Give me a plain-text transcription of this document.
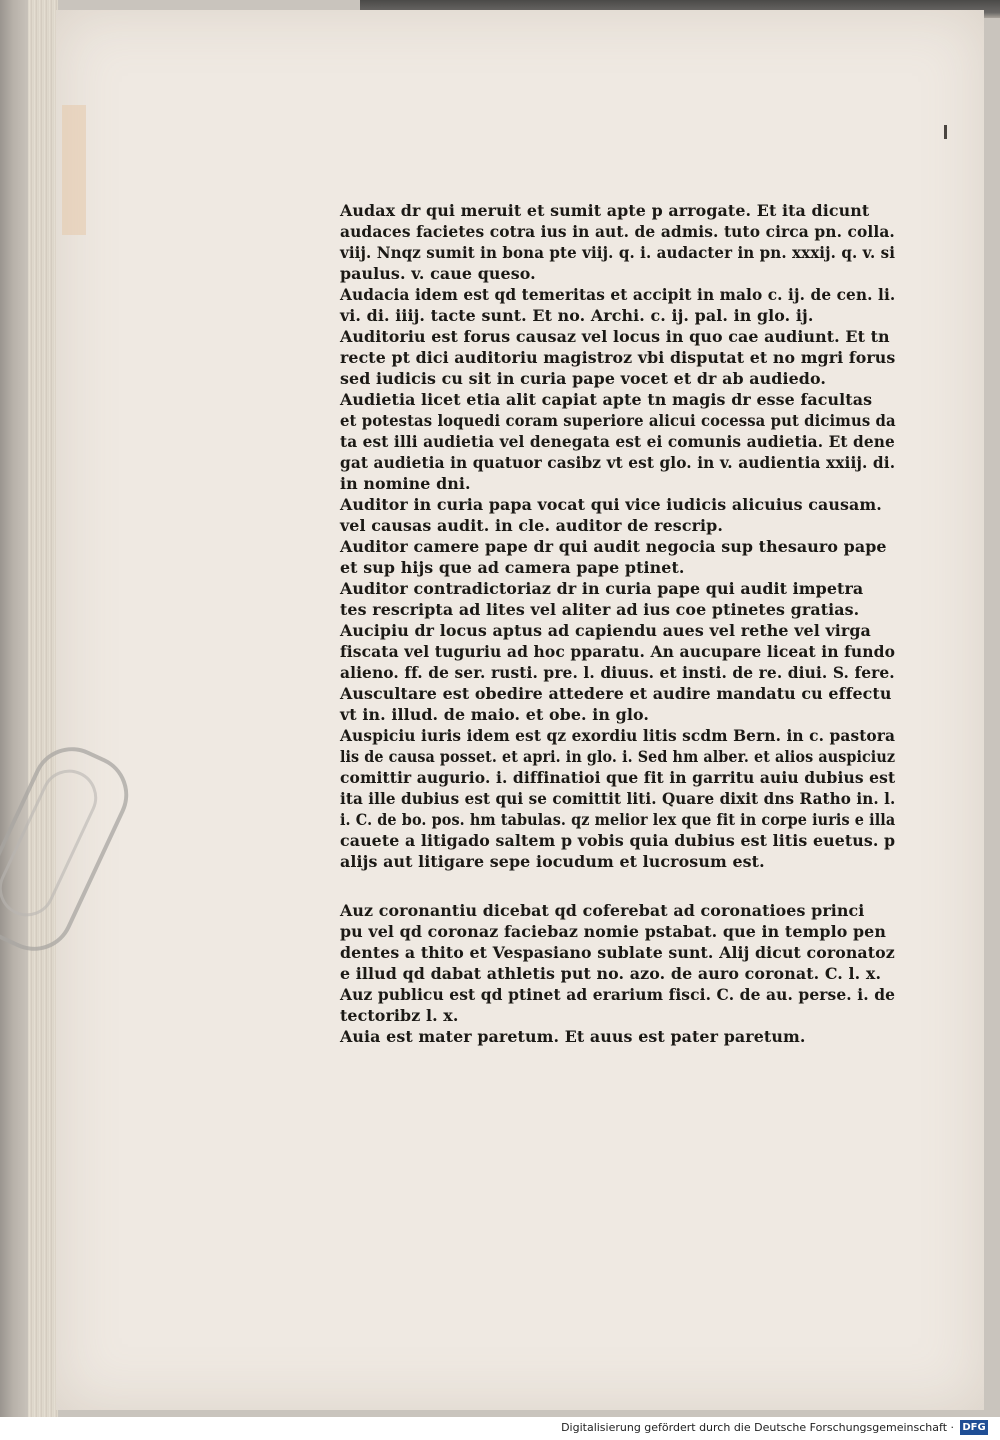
Audax dr qui meruit et sumit apte p arrogate. Et ita dicunt
audaces facietes cotra ius in aut. de admis. tuto circa pn. colla.
viij. Nnqz sumit in bona pte viij. q. i. audacter in pn. xxxij. q. v. si
paulus. v. caue queso.
Audacia idem est qd temeritas et accipit in malo c. ij. de cen. li.
vi. di. iiij. tacte sunt. Et no. Archi. c. ij. pal. in glo. ij.
Auditoriu est forus causaz vel locus in quo cae audiunt. Et tn
recte pt dici auditoriu magistroz vbi disputat et no mgri forus
sed iudicis cu sit in curia pape vocet et dr ab audiedo.
Audietia licet etia alit capiat apte tn magis dr esse facultas
et potestas loquedi coram superiore alicui cocessa put dicimus da
ta est illi audietia vel denegata est ei comunis audietia. Et dene
gat audietia in quatuor casibz vt est glo. in v. audientia xxiij. di.
in nomine dni.
Auditor in curia papa vocat qui vice iudicis alicuius causam.
vel causas audit. in cle. auditor de rescrip.
Auditor camere pape dr qui audit negocia sup thesauro pape
et sup hijs que ad camera pape ptinet.
Auditor contradictoriaz dr in curia pape qui audit impetra
tes rescripta ad lites vel aliter ad ius coe ptinetes gratias.
Aucipiu dr locus aptus ad capiendu aues vel rethe vel virga
fiscata vel tuguriu ad hoc pparatu. An aucupare liceat in fundo
alieno. ff. de ser. rusti. pre. l. diuus. et insti. de re. diui. S. fere.
Auscultare est obedire attedere et audire mandatu cu effectu
vt in. illud. de maio. et obe. in glo.
Auspiciu iuris idem est qz exordiu litis scdm Bern. in c. pastora
lis de causa posset. et apri. in glo. i. Sed hm alber. et alios auspiciuz
comittir augurio. i. diffinatioi que fit in garritu auiu dubius est
ita ille dubius est qui se comittit liti. Quare dixit dns Ratho in. l.
i. C. de bo. pos. hm tabulas. qz melior lex que fit in corpe iuris e illa
cauete a litigado saltem p vobis quia dubius est litis euetus. p
alijs aut litigare sepe iocudum et lucrosum est.
Auz coronantiu dicebat qd coferebat ad coronatioes princi
pu vel qd coronaz faciebaz nomie pstabat. que in templo pen
dentes a thito et Vespasiano sublate sunt. Alij dicut coronatoz
e illud qd dabat athletis put no. azo. de auro coronat. C. l. x.
Auz publicu est qd ptinet ad erarium fisci. C. de au. perse. i. de
tectoribz l. x.
Auia est mater paretum. Et auus est pater paretum.
Digitalisierung gefördert durch die Deutsche Forschungsgemeinschaft · DFG
